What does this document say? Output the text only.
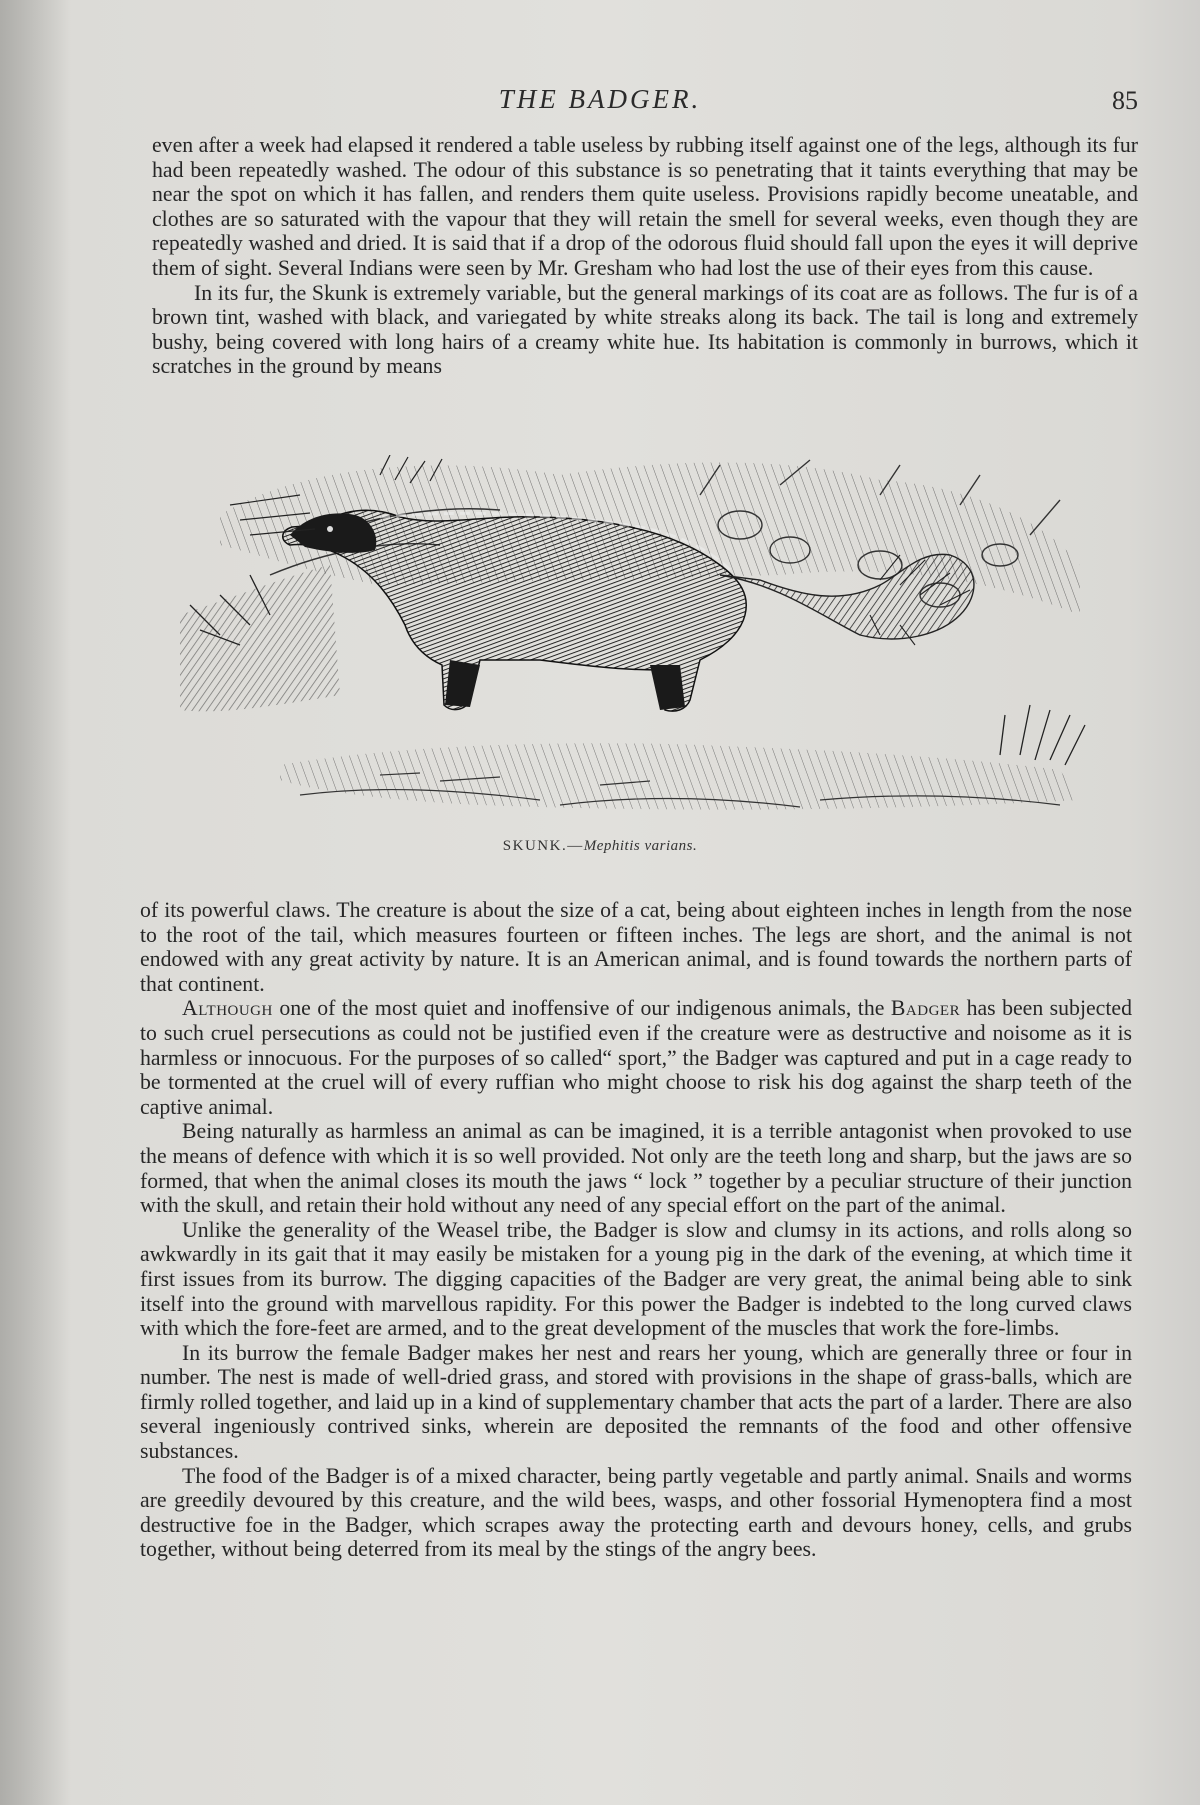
THE BADGER.	85

even after a week had elapsed it rendered a table useless by rubbing itself against one of the legs, although its fur had been repeatedly washed. The odour of this substance is so penetrating that it taints everything that may be near the spot on which it has fallen, and renders them quite useless. Provisions rapidly become uneatable, and clothes are so saturated with the vapour that they will retain the smell for several weeks, even though they are repeatedly washed and dried. It is said that if a drop of the odorous fluid should fall upon the eyes it will deprive them of sight. Several Indians were seen by Mr. Gresham who had lost the use of their eyes from this cause.

In its fur, the Skunk is extremely variable, but the general markings of its coat are as follows. The fur is of a brown tint, washed with black, and variegated by white streaks along its back. The tail is long and extremely bushy, being covered with long hairs of a creamy white hue. Its habitation is commonly in burrows, which it scratches in the ground by means

SKUNK.—Mephitis varians.

of its powerful claws. The creature is about the size of a cat, being about eighteen inches in length from the nose to the root of the tail, which measures fourteen or fifteen inches. The legs are short, and the animal is not endowed with any great activity by nature. It is an American animal, and is found towards the northern parts of that continent.

Although one of the most quiet and inoffensive of our indigenous animals, the Badger has been subjected to such cruel persecutions as could not be justified even if the creature were as destructive and noisome as it is harmless or innocuous. For the purposes of so called“ sport,” the Badger was captured and put in a cage ready to be tormented at the cruel will of every ruffian who might choose to risk his dog against the sharp teeth of the captive animal.

Being naturally as harmless an animal as can be imagined, it is a terrible antagonist when provoked to use the means of defence with which it is so well provided. Not only are the teeth long and sharp, but the jaws are so formed, that when the animal closes its mouth the jaws “ lock ” together by a peculiar structure of their junction with the skull, and retain their hold without any need of any special effort on the part of the animal.

Unlike the generality of the Weasel tribe, the Badger is slow and clumsy in its actions, and rolls along so awkwardly in its gait that it may easily be mistaken for a young pig in the dark of the evening, at which time it first issues from its burrow. The digging capacities of the Badger are very great, the animal being able to sink itself into the ground with marvellous rapidity. For this power the Badger is indebted to the long curved claws with which the fore-feet are armed, and to the great development of the muscles that work the fore-limbs.

In its burrow the female Badger makes her nest and rears her young, which are generally three or four in number. The nest is made of well-dried grass, and stored with provisions in the shape of grass-balls, which are firmly rolled together, and laid up in a kind of supplementary chamber that acts the part of a larder. There are also several ingeniously contrived sinks, wherein are deposited the remnants of the food and other offensive substances.

The food of the Badger is of a mixed character, being partly vegetable and partly animal. Snails and worms are greedily devoured by this creature, and the wild bees, wasps, and other fossorial Hymenoptera find a most destructive foe in the Badger, which scrapes away the protecting earth and devours honey, cells, and grubs together, without being deterred from its meal by the stings of the angry bees.
